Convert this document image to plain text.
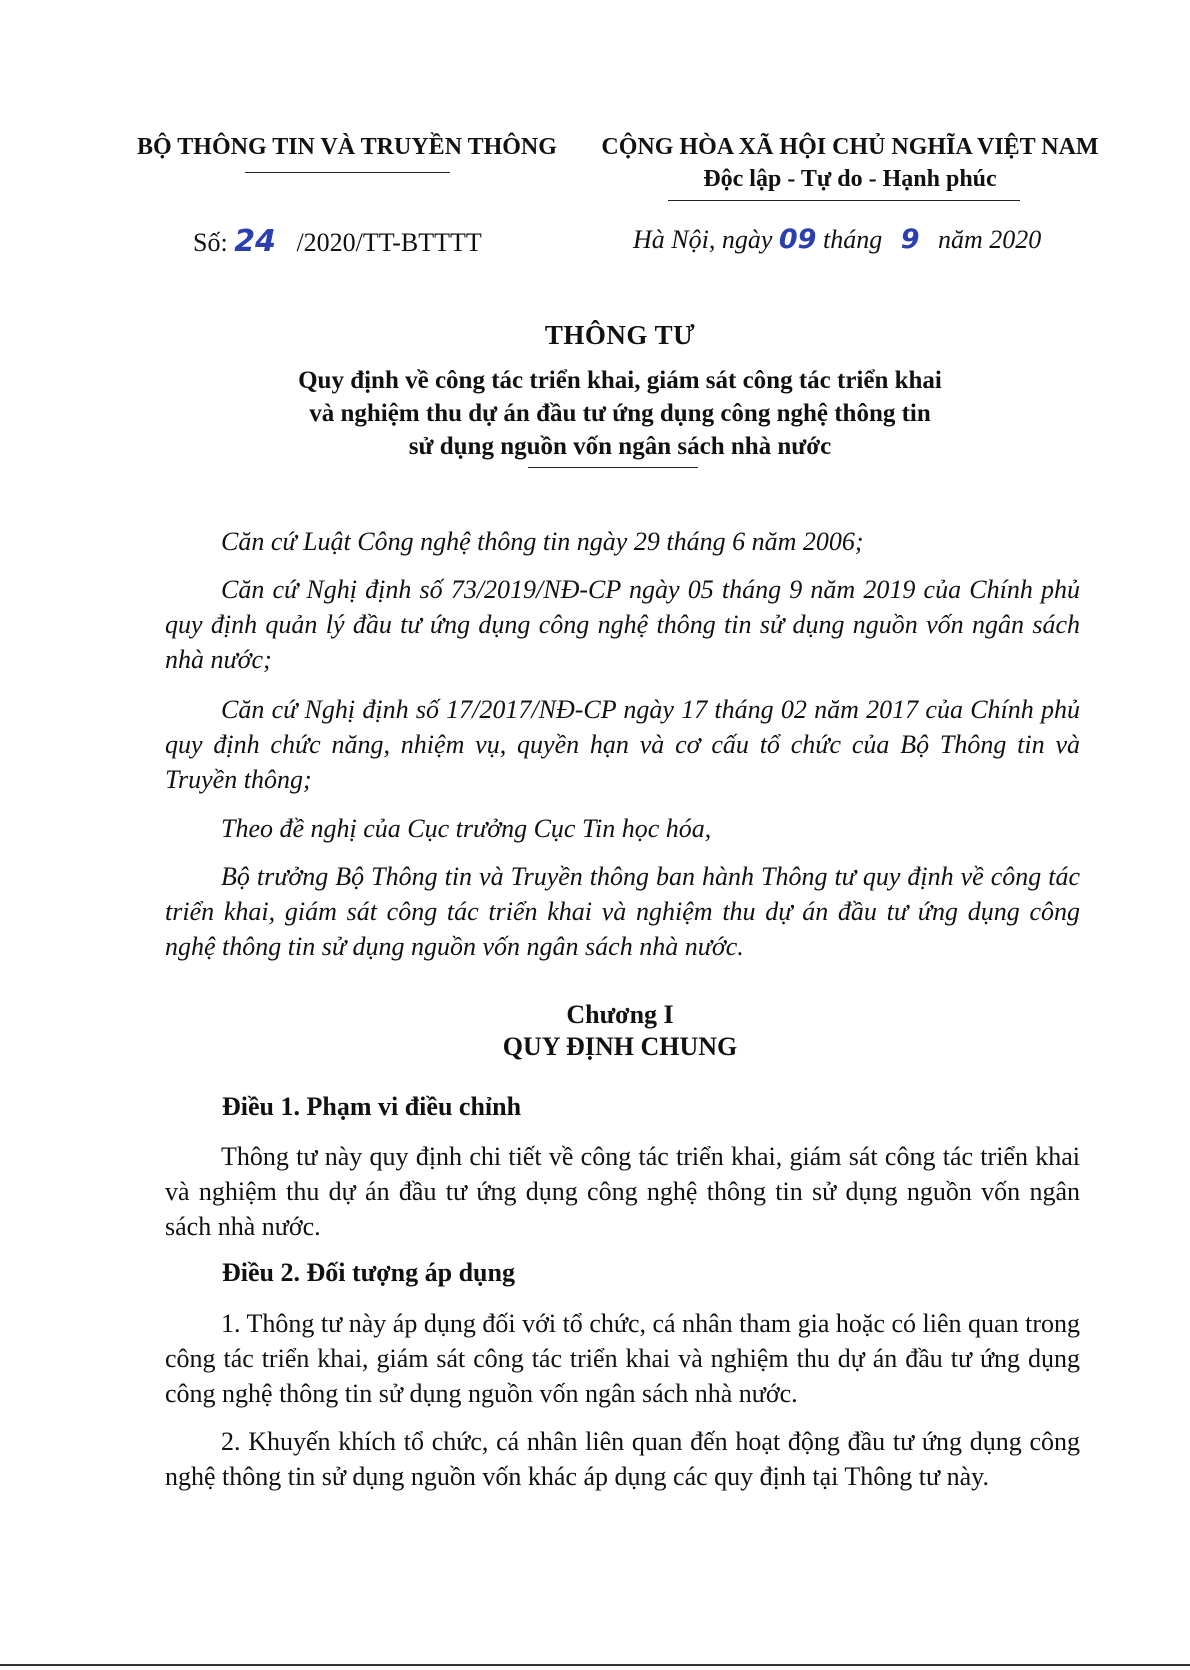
BỘ THÔNG TIN VÀ TRUYỀN THÔNG	CỘNG HÒA XÃ HỘI CHỦ NGHĨA VIỆT NAM
Độc lập - Tự do - Hạnh phúc
Số: 24 /2020/TT-BTTTT	Hà Nội, ngày 09 tháng 9 năm 2020
THÔNG TƯ
Quy định về công tác triển khai, giám sát công tác triển khai
và nghiệm thu dự án đầu tư ứng dụng công nghệ thông tin
sử dụng nguồn vốn ngân sách nhà nước
Căn cứ Luật Công nghệ thông tin ngày 29 tháng 6 năm 2006;
Căn cứ Nghị định số 73/2019/NĐ-CP ngày 05 tháng 9 năm 2019 của Chính phủ quy định quản lý đầu tư ứng dụng công nghệ thông tin sử dụng nguồn vốn ngân sách nhà nước;
Căn cứ Nghị định số 17/2017/NĐ-CP ngày 17 tháng 02 năm 2017 của Chính phủ quy định chức năng, nhiệm vụ, quyền hạn và cơ cấu tổ chức của Bộ Thông tin và Truyền thông;
Theo đề nghị của Cục trưởng Cục Tin học hóa,
Bộ trưởng Bộ Thông tin và Truyền thông ban hành Thông tư quy định về công tác triển khai, giám sát công tác triển khai và nghiệm thu dự án đầu tư ứng dụng công nghệ thông tin sử dụng nguồn vốn ngân sách nhà nước.
Chương I
QUY ĐỊNH CHUNG
Điều 1. Phạm vi điều chỉnh
Thông tư này quy định chi tiết về công tác triển khai, giám sát công tác triển khai và nghiệm thu dự án đầu tư ứng dụng công nghệ thông tin sử dụng nguồn vốn ngân sách nhà nước.
Điều 2. Đối tượng áp dụng
1. Thông tư này áp dụng đối với tổ chức, cá nhân tham gia hoặc có liên quan trong công tác triển khai, giám sát công tác triển khai và nghiệm thu dự án đầu tư ứng dụng công nghệ thông tin sử dụng nguồn vốn ngân sách nhà nước.
2. Khuyến khích tổ chức, cá nhân liên quan đến hoạt động đầu tư ứng dụng công nghệ thông tin sử dụng nguồn vốn khác áp dụng các quy định tại Thông tư này.
